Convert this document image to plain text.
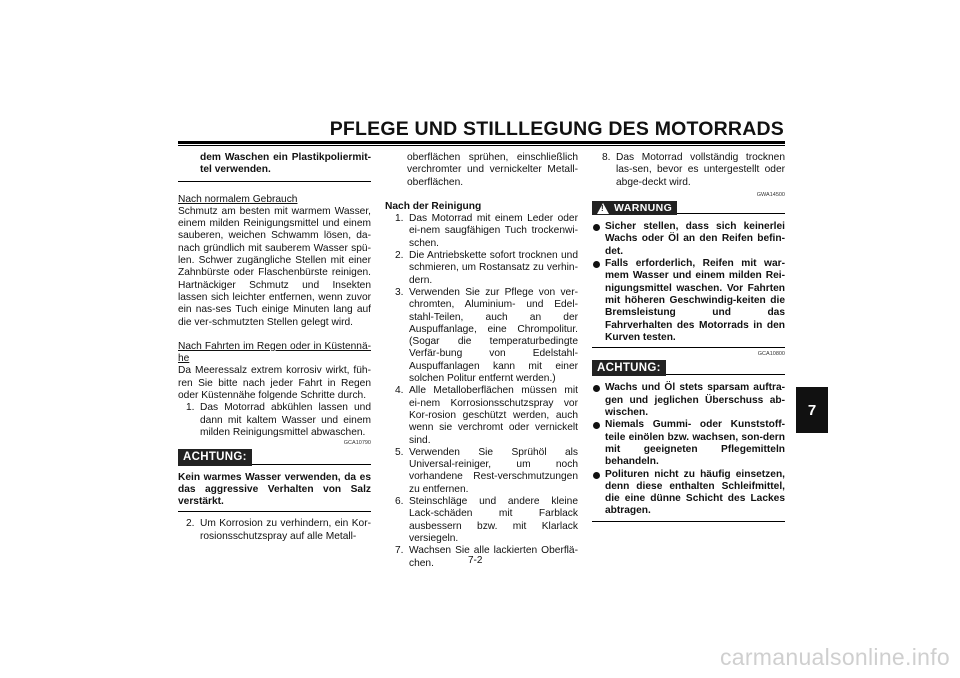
PFLEGE UND STILLLEGUNG DES MOTORRADS

dem Waschen ein Plastikpoliermit-tel verwenden.

Nach normalem Gebrauch

Schmutz am besten mit warmem Wasser, einem milden Reinigungsmittel und einem sauberen, weichen Schwamm lösen, da-nach gründlich mit sauberem Wasser spü-len. Schwer zugängliche Stellen mit einer Zahnbürste oder Flaschenbürste reinigen. Hartnäckiger Schmutz und Insekten lassen sich leichter entfernen, wenn zuvor ein nas-ses Tuch einige Minuten lang auf die ver-schmutzten Stellen gelegt wird.

Nach Fahrten im Regen oder in Küstennä-he

Da Meeressalz extrem korrosiv wirkt, füh-ren Sie bitte nach jeder Fahrt in Regen oder Küstennähe folgende Schritte durch.

1. Das Motorrad abkühlen lassen und dann mit kaltem Wasser und einem milden Reinigungsmittel abwaschen.
GCA10790
ACHTUNG:

Kein warmes Wasser verwenden, da es das aggressive Verhalten von Salz verstärkt.

2. Um Korrosion zu verhindern, ein Kor-rosionsschutzspray auf alle Metall-

oberflächen sprühen, einschließlich verchromter und vernickelter Metall-oberflächen.

Nach der Reinigung

1. Das Motorrad mit einem Leder oder ei-nem saugfähigen Tuch trockenwi-schen.
2. Die Antriebskette sofort trocknen und schmieren, um Rostansatz zu verhin-dern.
3. Verwenden Sie zur Pflege von ver-chromten, Aluminium- und Edel-stahl-Teilen, auch an der Auspuffanlage, eine Chrompolitur. (Sogar die temperaturbedingte Verfär-bung von Edelstahl-Auspuffanlagen kann mit einer solchen Politur entfernt werden.)
4. Alle Metalloberflächen müssen mit ei-nem Korrosionsschutzspray vor Kor-rosion geschützt werden, auch wenn sie verchromt oder vernickelt sind.
5. Verwenden Sie Sprühöl als Universal-reiniger, um noch vorhandene Rest-verschmutzungen zu entfernen.
6. Steinschläge und andere kleine Lack-schäden mit Farblack ausbessern bzw. mit Klarlack versiegeln.
7. Wachsen Sie alle lackierten Oberflä-chen.
8. Das Motorrad vollständig trocknen las-sen, bevor es untergestellt oder abge-deckt wird.
GWA14500
! WARNUNG
Sicher stellen, dass sich keinerlei Wachs oder Öl an den Reifen befin-det.
Falls erforderlich, Reifen mit war-mem Wasser und einem milden Rei-nigungsmittel waschen. Vor Fahrten mit höheren Geschwindig-keiten die Bremsleistung und das Fahrverhalten des Motorrads in den Kurven testen.
GCA10800
ACHTUNG:
Wachs und Öl stets sparsam auftra-gen und jeglichen Überschuss ab-wischen.
Niemals Gummi- oder Kunststoff-teile einölen bzw. wachsen, son-dern mit geeigneten Pflegemitteln behandeln.
Polituren nicht zu häufig einsetzen, denn diese enthalten Schleifmittel, die eine dünne Schicht des Lackes abtragen.
7-2
7
carmanualsonline.info
